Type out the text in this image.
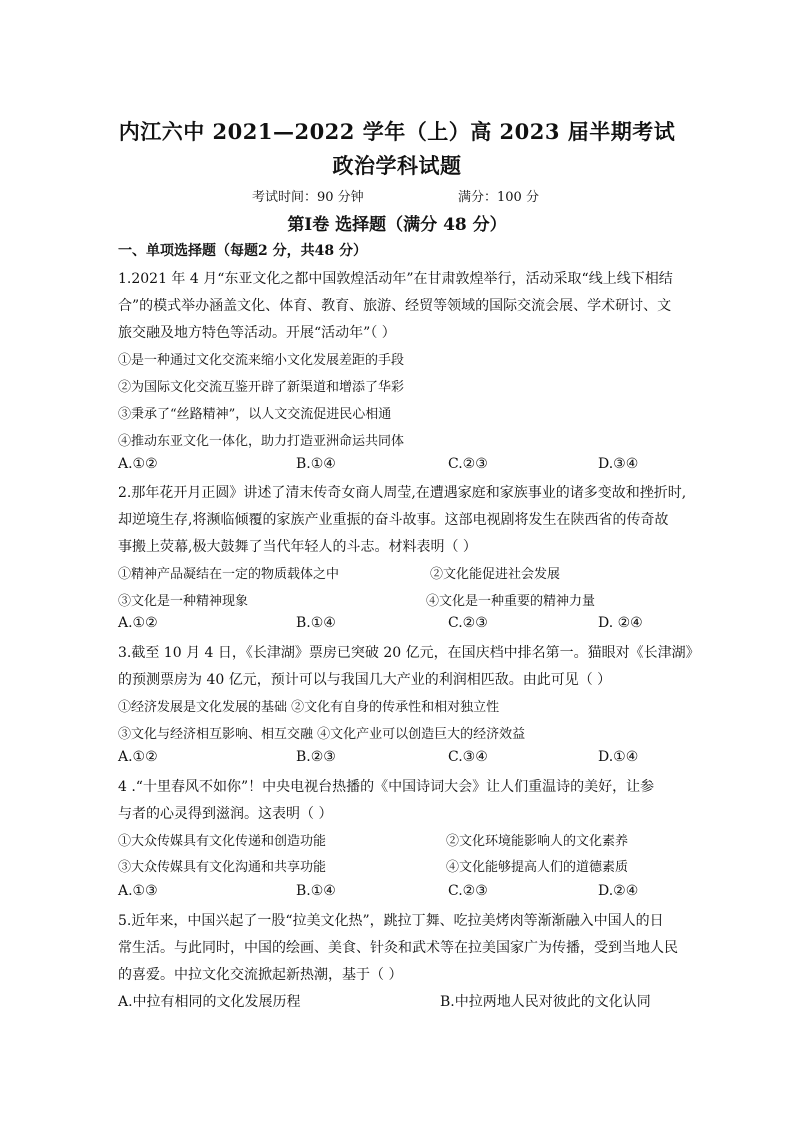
内江六中 2021—2022 学年（上）高 2023 届半期考试
政治学科试题
考试时间：90 分钟	满分：100 分
第Ⅰ卷 选择题（满分 48 分）
一、单项选择题（每题2 分，共48 分）
1.2021 年 4 月“东亚文化之都中国敦煌活动年”在甘肃敦煌举行，活动采取“线上线下相结
合”的模式举办涵盖文化、体育、教育、旅游、经贸等领域的国际交流会展、学术研讨、文
旅交融及地方特色等活动。开展“活动年”（ ）
①是一种通过文化交流来缩小文化发展差距的手段
②为国际文化交流互鉴开辟了新渠道和增添了华彩
③秉承了“丝路精神”，以人文交流促进民心相通
④推动东亚文化一体化，助力打造亚洲命运共同体
A.①②	B.①④	C.②③	D.③④
2.那年花开月正圆》讲述了清末传奇女商人周莹,在遭遇家庭和家族事业的诸多变故和挫折时,
却逆境生存,将濒临倾覆的家族产业重振的奋斗故事。这部电视剧将发生在陕西省的传奇故
事搬上荧幕,极大鼓舞了当代年轻人的斗志。材料表明（ ）
①精神产品凝结在一定的物质载体之中	②文化能促进社会发展
③文化是一种精神现象	④文化是一种重要的精神力量
A.①②	B.①④	C.②③	D. ②④
3.截至 10 月 4 日，《长津湖》票房已突破 20 亿元，在国庆档中排名第一。猫眼对《长津湖》
的预测票房为 40 亿元，预计可以与我国几大产业的利润相匹敌。由此可见（ ）
①经济发展是文化发展的基础 ②文化有自身的传承性和相对独立性
③文化与经济相互影响、相互交融 ④文化产业可以创造巨大的经济效益
A.①②	B.②③	C.③④	D.①④
4 .“十里春风不如你”！中央电视台热播的《中国诗词大会》让人们重温诗的美好，让参
与者的心灵得到滋润。这表明（ ）
①大众传媒具有文化传递和创造功能	②文化环境能影响人的文化素养
③大众传媒具有文化沟通和共享功能	④文化能够提高人们的道德素质
A.①③	B.①④	C.②③	D.②④
5.近年来，中国兴起了一股“拉美文化热”，跳拉丁舞、吃拉美烤肉等渐渐融入中国人的日
常生活。与此同时，中国的绘画、美食、针灸和武术等在拉美国家广为传播，受到当地人民
的喜爱。中拉文化交流掀起新热潮，基于（ ）
A.中拉有相同的文化发展历程	B.中拉两地人民对彼此的文化认同
